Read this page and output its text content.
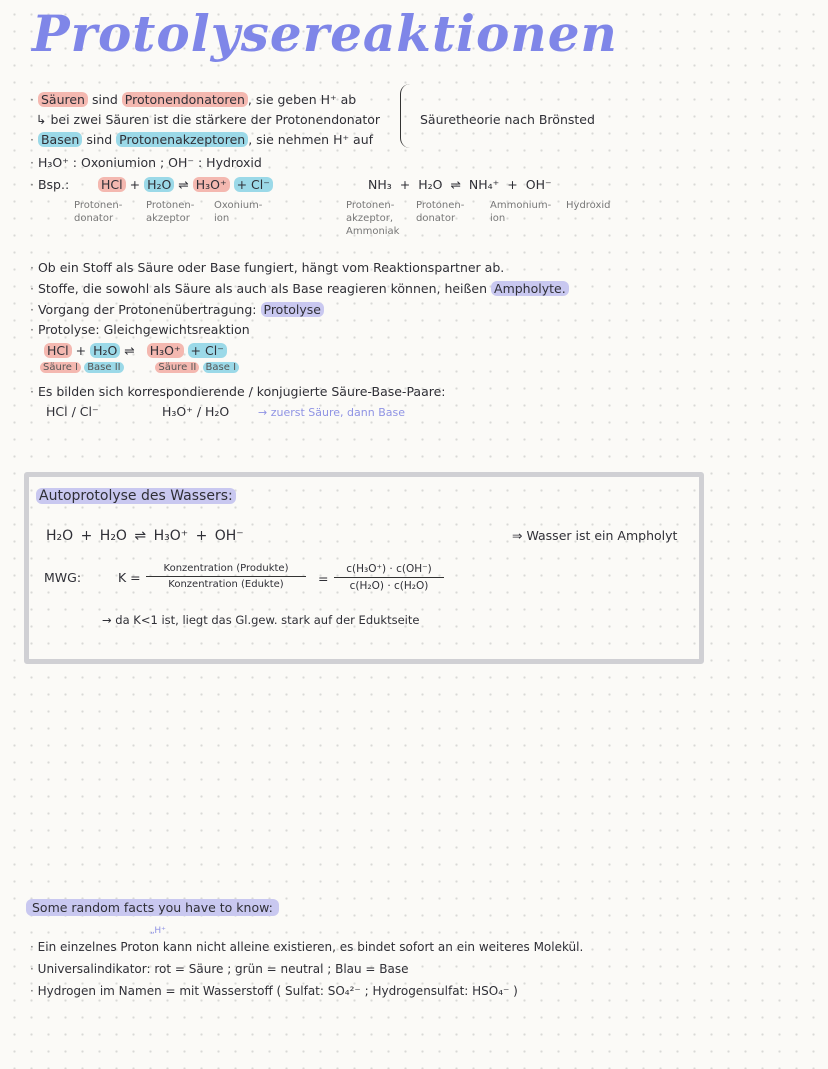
Protolysereaktionen
· Säuren sind Protonendonatoren , sie geben H⁺ ab
↳ bei zwei Säuren ist die stärkere der Protonendonator
· Basen sind Protonenakzeptoren , sie nehmen H⁺ auf
Säuretheorie nach Brönsted
· H₃O⁺ : Oxoniumion ; OH⁻ : Hydroxid
· Bsp.:	HCl + H₂O ⇌ H₃O⁺ + Cl⁻
Protonen-
donator
Protonen-
akzeptor
Oxonium-
ion
NH₃ + H₂O ⇌ NH₄⁺ + OH⁻
Protonen-
akzeptor,
Ammoniak
Protonen-
donator
Ammonium-
ion
Hydroxid
· Ob ein Stoff als Säure oder Base fungiert, hängt vom Reaktionspartner ab.
· Stoffe, die sowohl als Säure als auch als Base reagieren können, heißen Ampholyte.
· Vorgang der Protonenübertragung: Protolyse
· Protolyse: Gleichgewichtsreaktion
HCl + H₂O ⇌ H₃O⁺ + Cl⁻
Säure I Base II	Säure II Base I
· Es bilden sich korrespondierende / konjugierte Säure-Base-Paare:
HCl / Cl⁻	H₃O⁺ / H₂O	→ zuerst Säure, dann Base
Autoprotolyse des Wassers:
H₂O + H₂O ⇌ H₃O⁺ + OH⁻	⇒ Wasser ist ein Ampholyt
MWG:	K =
Konzentration (Produkte)
Konzentration (Edukte)	=
c(H₃O⁺) · c(OH⁻)
c(H₂O) · c(H₂O)
→ da K<1 ist, liegt das Gl.gew. stark auf der Eduktseite
Some random facts you have to know:
„H⁺
· Ein einzelnes Proton kann nicht alleine existieren, es bindet sofort an ein weiteres Molekül.
· Universalindikator: rot = Säure ; grün = neutral ; Blau = Base
· Hydrogen im Namen = mit Wasserstoff ( Sulfat: SO₄²⁻ ; Hydrogensulfat: HSO₄⁻ )
